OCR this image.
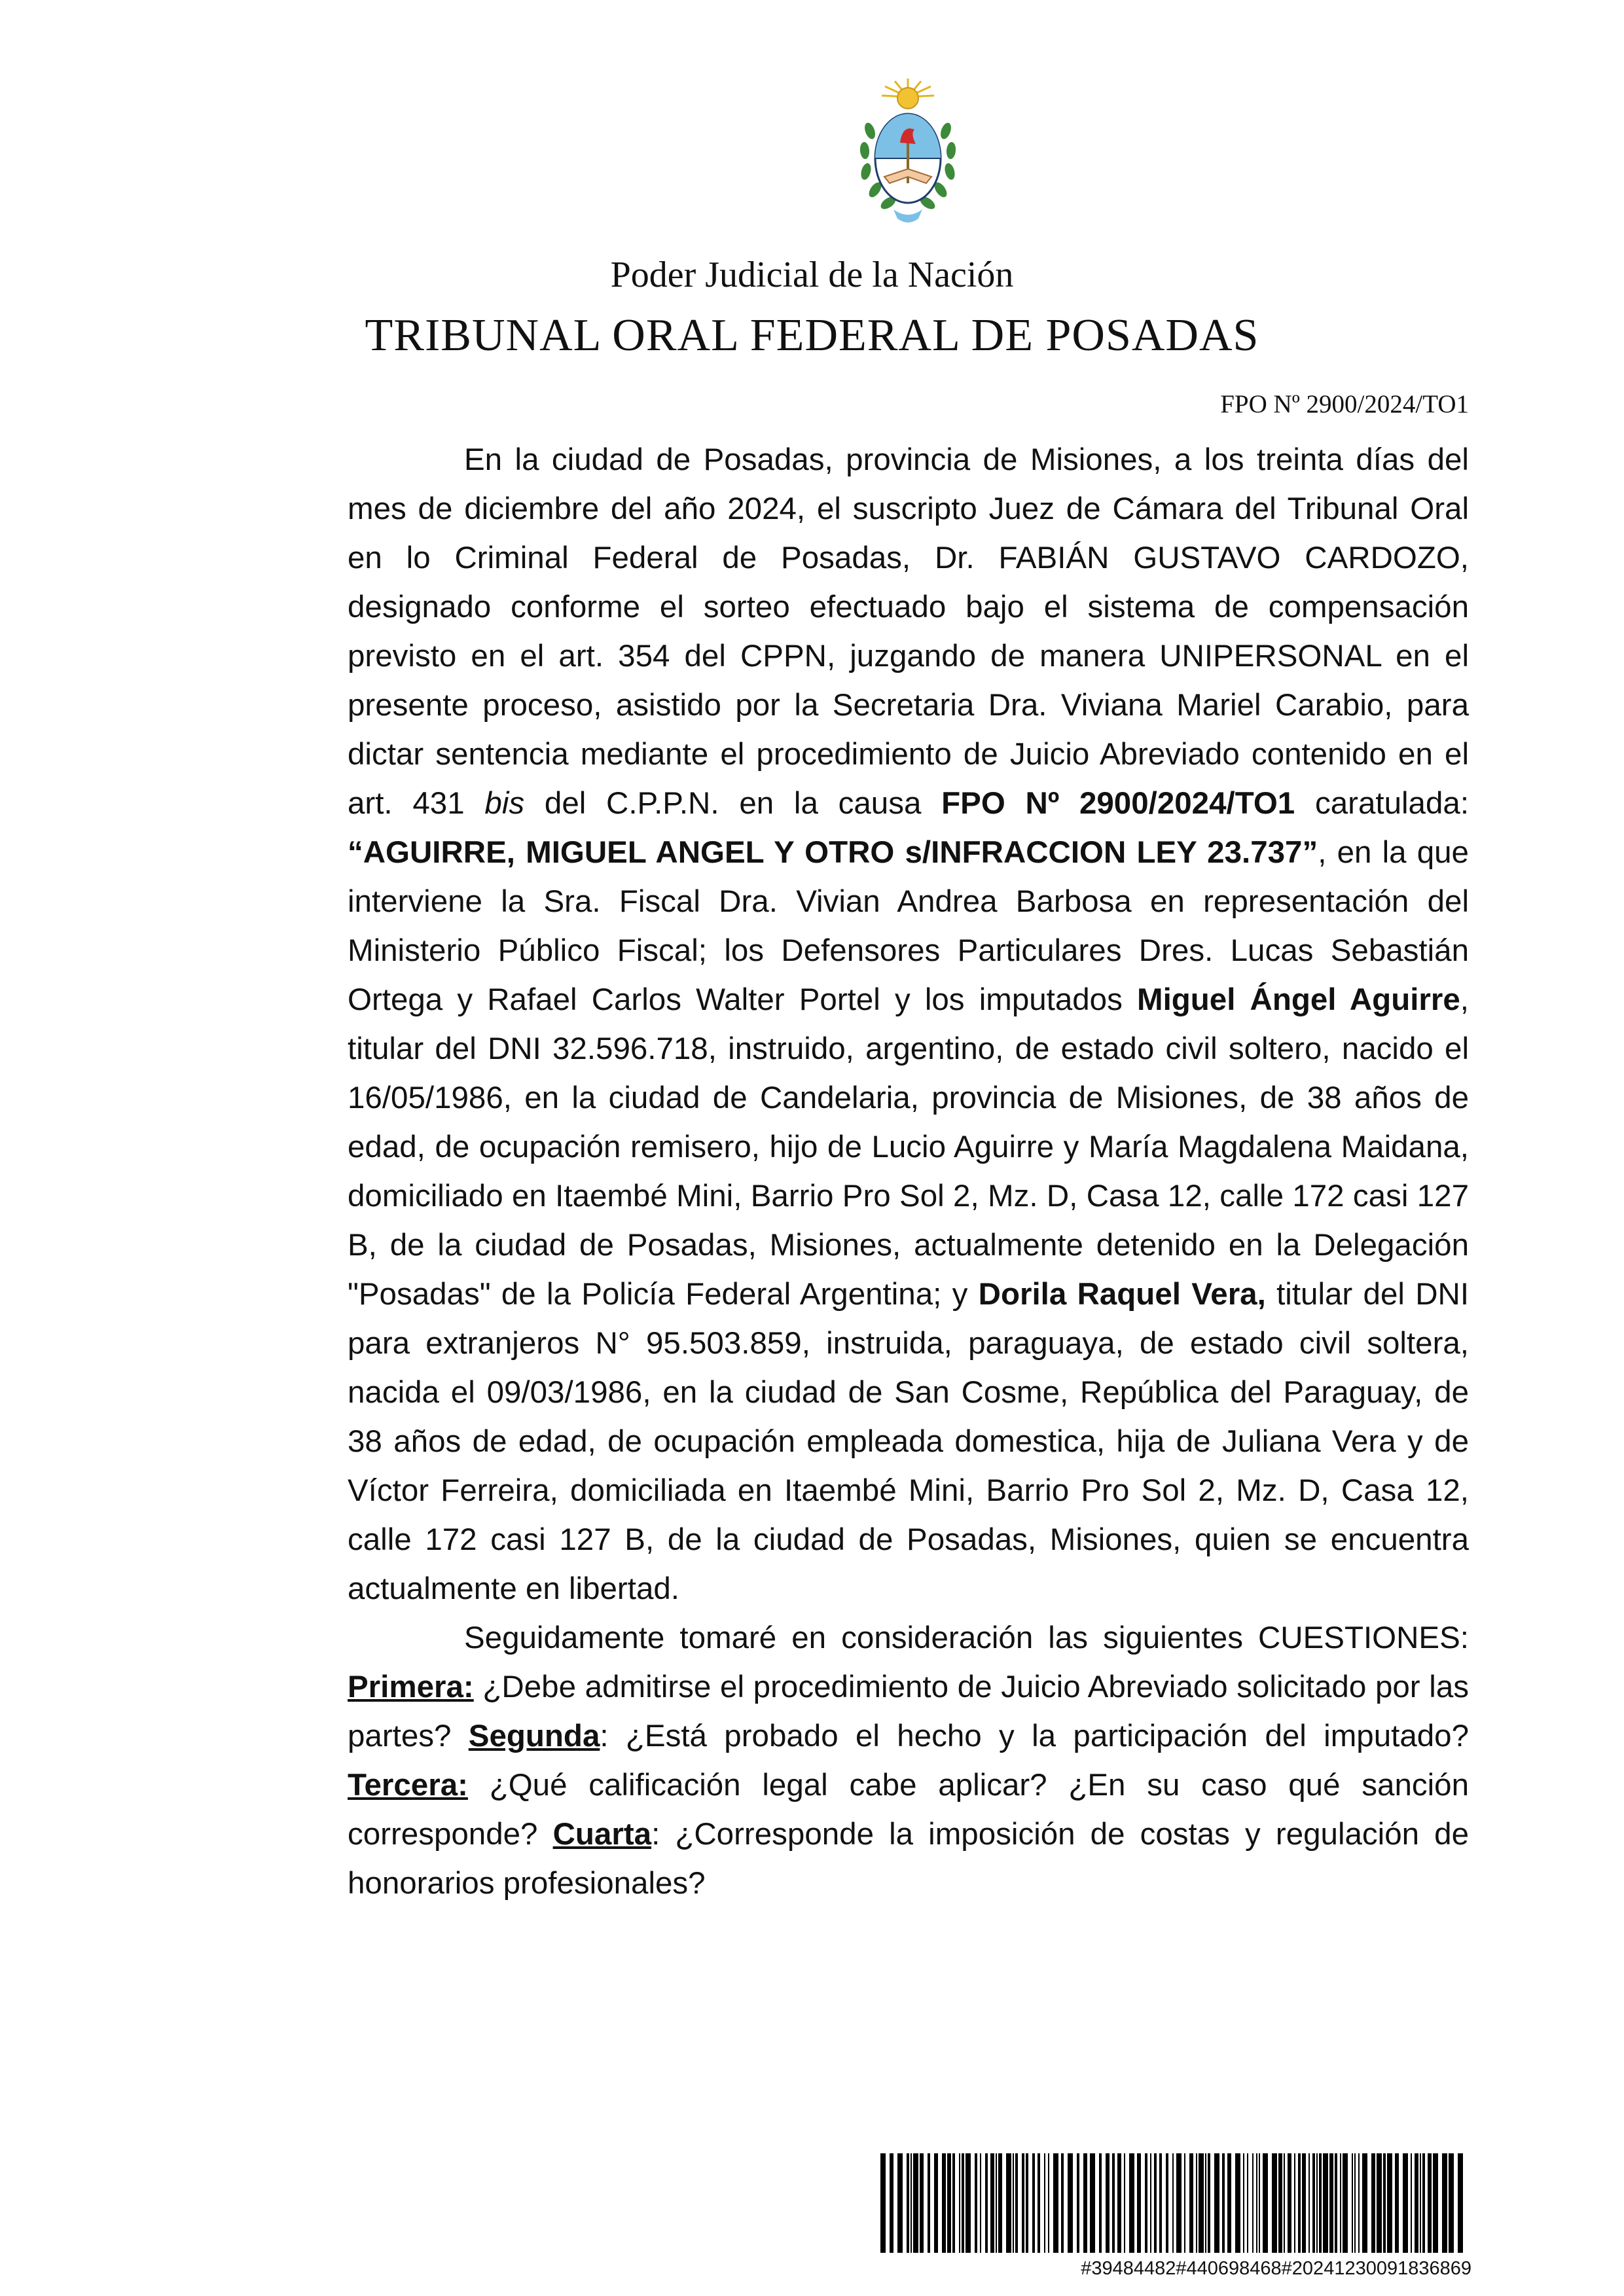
Poder Judicial de la Nación
TRIBUNAL ORAL FEDERAL DE POSADAS
FPO Nº 2900/2024/TO1

En la ciudad de Posadas, provincia de Misiones, a los treinta días del mes de diciembre del año 2024, el suscripto Juez de Cámara del Tribunal Oral en lo Criminal Federal de Posadas, Dr. FABIÁN GUSTAVO CARDOZO, designado conforme el sorteo efectuado bajo el sistema de compensación previsto en el art. 354 del CPPN, juzgando de manera UNIPERSONAL en el presente proceso, asistido por la Secretaria Dra. Viviana Mariel Carabio, para dictar sentencia mediante el procedimiento de Juicio Abreviado contenido en el art. 431 bis del C.P.P.N. en la causa FPO Nº 2900/2024/TO1 caratulada: “AGUIRRE, MIGUEL ANGEL Y OTRO s/INFRACCION LEY 23.737”, en la que interviene la Sra. Fiscal Dra. Vivian Andrea Barbosa en representación del Ministerio Público Fiscal; los Defensores Particulares Dres. Lucas Sebastián Ortega y Rafael Carlos Walter Portel y los imputados Miguel Ángel Aguirre, titular del DNI 32.596.718, instruido, argentino, de estado civil soltero, nacido el 16/05/1986, en la ciudad de Candelaria, provincia de Misiones, de 38 años de edad, de ocupación remisero, hijo de Lucio Aguirre y María Magdalena Maidana, domiciliado en Itaembé Mini, Barrio Pro Sol 2, Mz. D, Casa 12, calle 172 casi 127 B, de la ciudad de Posadas, Misiones, actualmente detenido en la Delegación "Posadas" de la Policía Federal Argentina; y Dorila Raquel Vera, titular del DNI para extranjeros N° 95.503.859, instruida, paraguaya, de estado civil soltera, nacida el 09/03/1986, en la ciudad de San Cosme, República del Paraguay, de 38 años de edad, de ocupación empleada domestica, hija de Juliana Vera y de Víctor Ferreira, domiciliada en Itaembé Mini, Barrio Pro Sol 2, Mz. D, Casa 12, calle 172 casi 127 B, de la ciudad de Posadas, Misiones, quien se encuentra actualmente en libertad.

Seguidamente tomaré en consideración las siguientes CUESTIONES: Primera: ¿Debe admitirse el procedimiento de Juicio Abreviado solicitado por las partes? Segunda: ¿Está probado el hecho y la participación del imputado? Tercera: ¿Qué calificación legal cabe aplicar? ¿En su caso qué sanción corresponde? Cuarta: ¿Corresponde la imposición de costas y regulación de honorarios profesionales?

#39484482#440698468#20241230091836869
